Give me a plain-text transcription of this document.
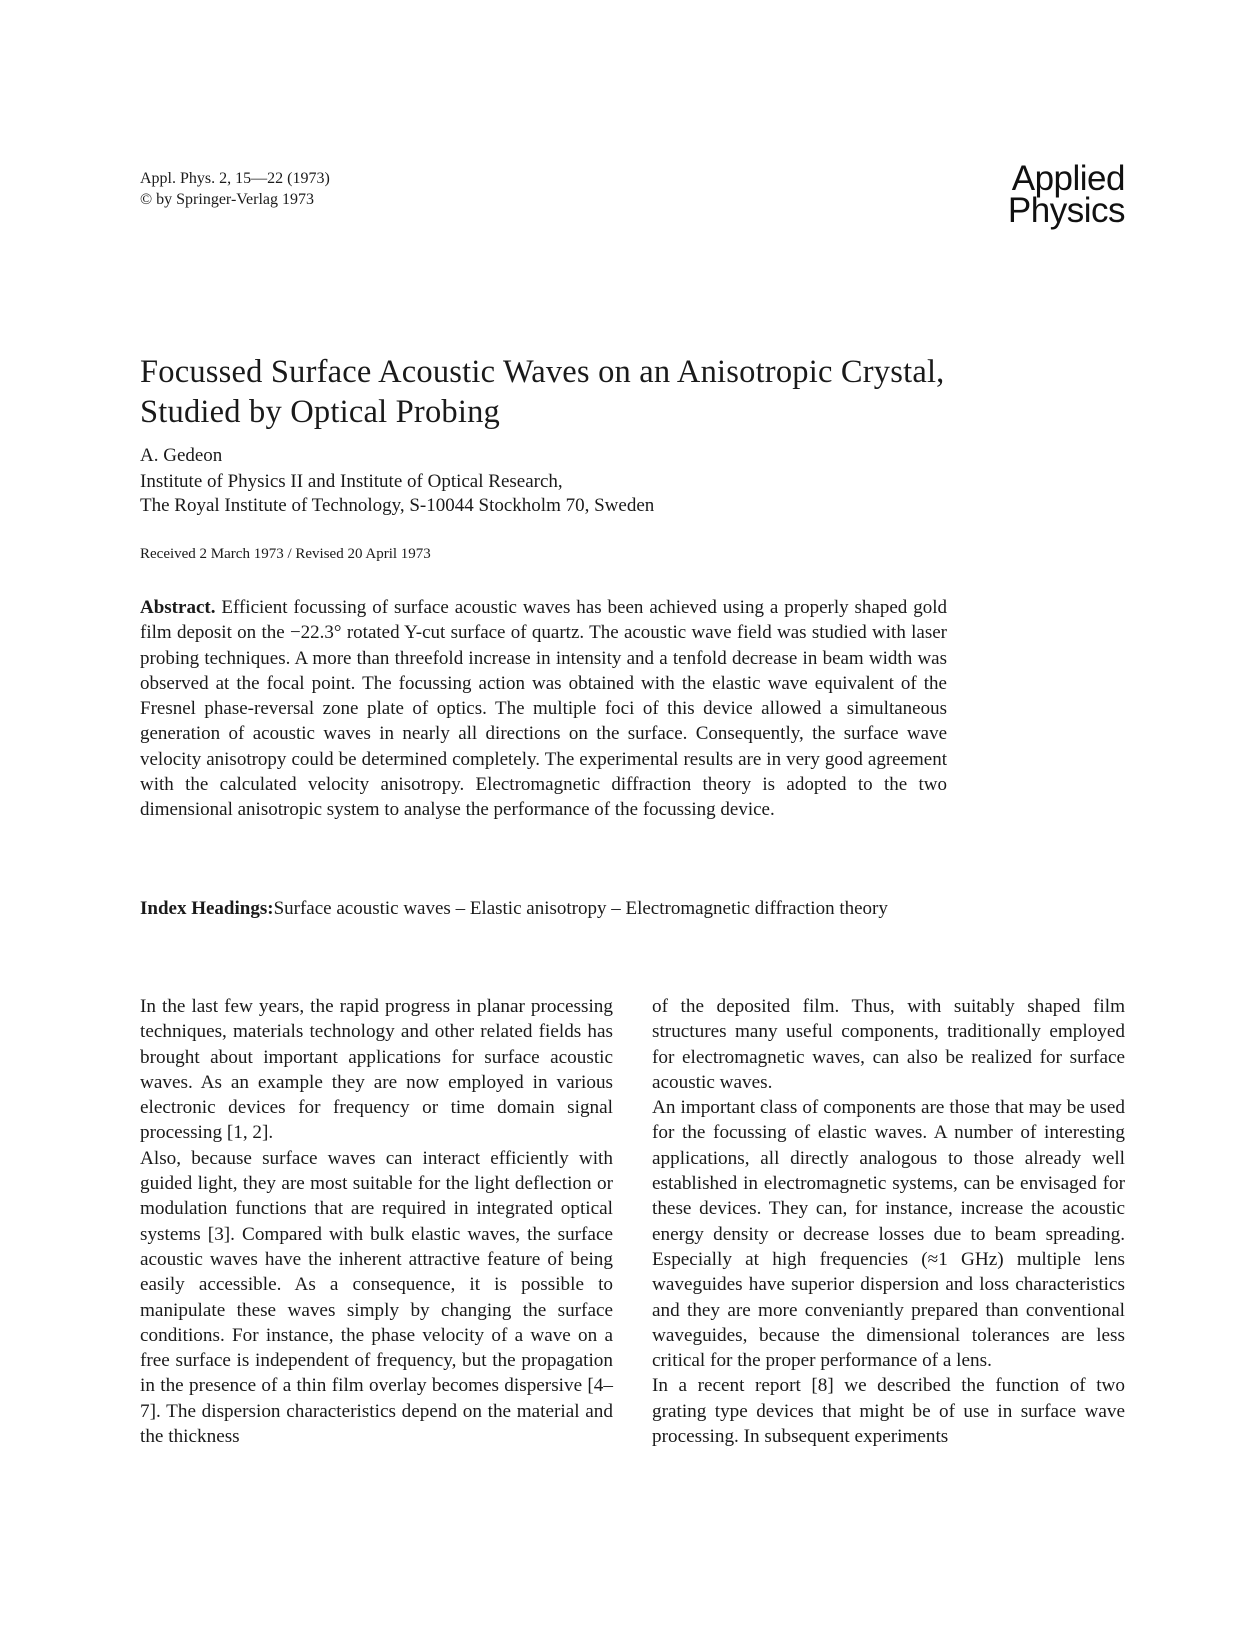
Appl. Phys. 2, 15—22 (1973)
© by Springer-Verlag 1973
Applied
Physics
Focussed Surface Acoustic Waves on an Anisotropic Crystal, Studied by Optical Probing
A. Gedeon
Institute of Physics II and Institute of Optical Research,
The Royal Institute of Technology, S-10044 Stockholm 70, Sweden
Received 2 March 1973 / Revised 20 April 1973

Abstract. Efficient focussing of surface acoustic waves has been achieved using a properly shaped gold film deposit on the −22.3° rotated Y-cut surface of quartz. The acoustic wave field was studied with laser probing techniques. A more than threefold increase in intensity and a tenfold decrease in beam width was observed at the focal point. The focussing action was obtained with the elastic wave equivalent of the Fresnel phase-reversal zone plate of optics. The multiple foci of this device allowed a simultaneous generation of acoustic waves in nearly all directions on the surface. Consequently, the surface wave velocity anisotropy could be determined completely. The experimental results are in very good agreement with the calculated velocity anisotropy. Electromagnetic diffraction theory is adopted to the two dimensional anisotropic system to analyse the performance of the focussing device.

Index Headings:Surface acoustic waves – Elastic anisotropy – Electromagnetic diffraction theory

In the last few years, the rapid progress in planar processing techniques, materials technology and other related fields has brought about important applications for surface acoustic waves. As an example they are now employed in various electronic devices for frequency or time domain signal processing [1, 2].

Also, because surface waves can interact efficiently with guided light, they are most suitable for the light deflection or modulation functions that are required in integrated optical systems [3]. Compared with bulk elastic waves, the surface acoustic waves have the inherent attractive feature of being easily accessible. As a consequence, it is possible to manipulate these waves simply by changing the surface conditions. For instance, the phase velocity of a wave on a free surface is independent of frequency, but the propagation in the presence of a thin film overlay becomes dispersive [4–7]. The dispersion characteristics depend on the material and the thickness

of the deposited film. Thus, with suitably shaped film structures many useful components, traditionally employed for electromagnetic waves, can also be realized for surface acoustic waves.

An important class of components are those that may be used for the focussing of elastic waves. A number of interesting applications, all directly analogous to those already well established in electromagnetic systems, can be envisaged for these devices. They can, for instance, increase the acoustic energy density or decrease losses due to beam spreading. Especially at high frequencies (≈1 GHz) multiple lens waveguides have superior dispersion and loss characteristics and they are more conveniantly prepared than conventional waveguides, because the dimensional tolerances are less critical for the proper performance of a lens.

In a recent report [8] we described the function of two grating type devices that might be of use in surface wave processing. In subsequent experiments
